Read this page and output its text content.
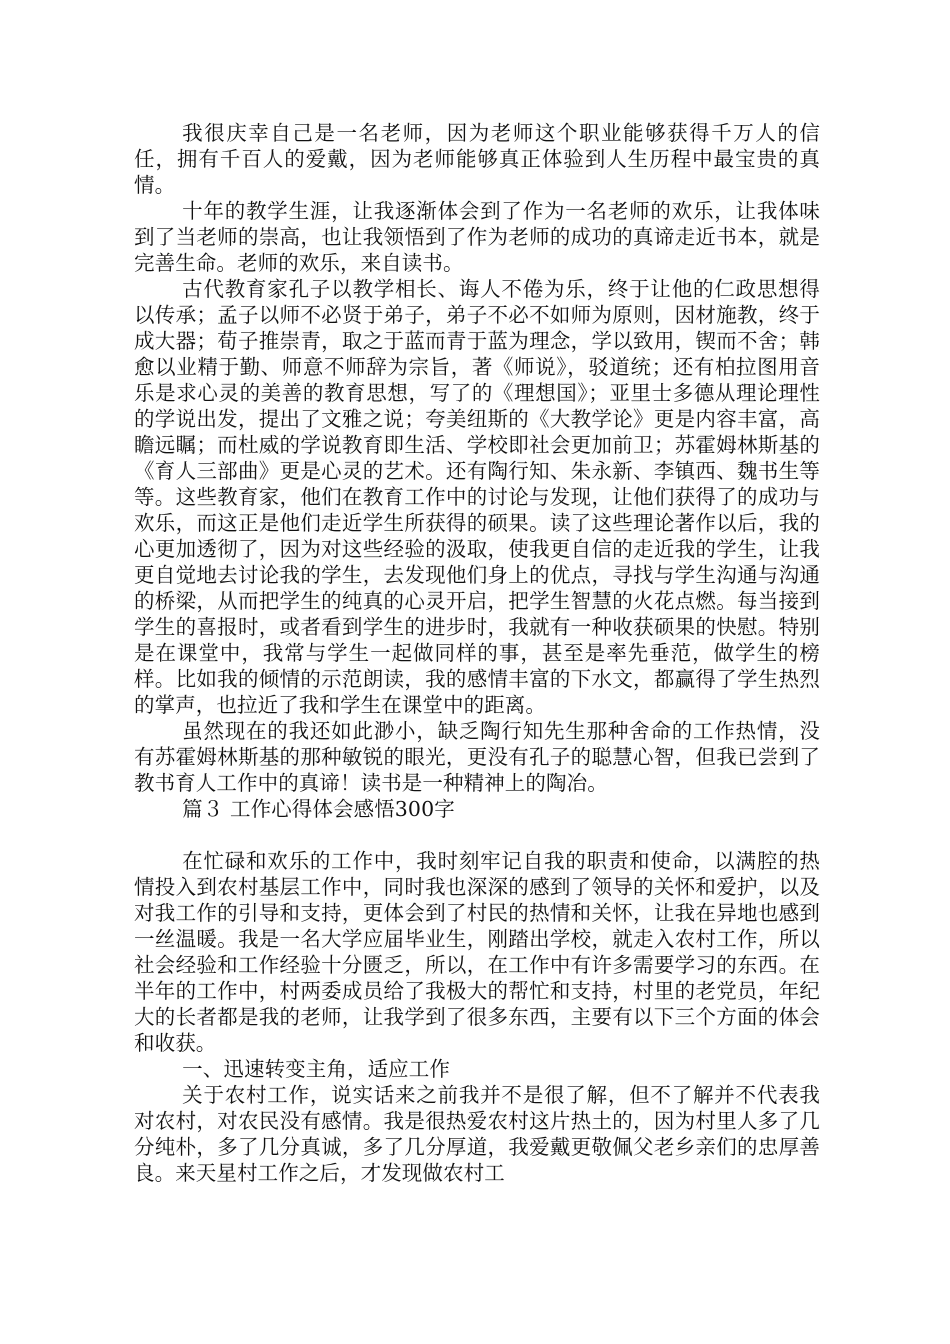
我很庆幸自己是一名老师，因为老师这个职业能够获得千万人的信任，拥有千百人的爱戴，因为老师能够真正体验到人生历程中最宝贵的真情。

十年的教学生涯，让我逐渐体会到了作为一名老师的欢乐，让我体味到了当老师的崇高，也让我领悟到了作为老师的成功的真谛走近书本，就是完善生命。老师的欢乐，来自读书。

古代教育家孔子以教学相长、诲人不倦为乐，终于让他的仁政思想得以传承；孟子以师不必贤于弟子，弟子不必不如师为原则，因材施教，终于成大器；荀子推崇青，取之于蓝而青于蓝为理念，学以致用，锲而不舍；韩愈以业精于勤、师意不师辞为宗旨，著《师说》，驳道统；还有柏拉图用音乐是求心灵的美善的教育思想，写了的《理想国》；亚里士多德从理论理性的学说出发，提出了文雅之说；夸美纽斯的《大教学论》更是内容丰富，高瞻远瞩；而杜威的学说教育即生活、学校即社会更加前卫；苏霍姆林斯基的《育人三部曲》更是心灵的艺术。还有陶行知、朱永新、李镇西、魏书生等等。这些教育家，他们在教育工作中的讨论与发现，让他们获得了的成功与欢乐，而这正是他们走近学生所获得的硕果。读了这些理论著作以后，我的心更加透彻了，因为对这些经验的汲取，使我更自信的走近我的学生，让我更自觉地去讨论我的学生，去发现他们身上的优点，寻找与学生沟通与沟通的桥梁，从而把学生的纯真的心灵开启，把学生智慧的火花点燃。每当接到学生的喜报时，或者看到学生的进步时，我就有一种收获硕果的快慰。特别是在课堂中，我常与学生一起做同样的事，甚至是率先垂范，做学生的榜样。比如我的倾情的示范朗读，我的感情丰富的下水文，都赢得了学生热烈的掌声，也拉近了我和学生在课堂中的距离。

虽然现在的我还如此渺小，缺乏陶行知先生那种舍命的工作热情，没有苏霍姆林斯基的那种敏锐的眼光，更没有孔子的聪慧心智，但我已尝到了教书育人工作中的真谛！读书是一种精神上的陶冶。

篇３ 工作心得体会感悟300字

在忙碌和欢乐的工作中，我时刻牢记自我的职责和使命，以满腔的热情投入到农村基层工作中，同时我也深深的感到了领导的关怀和爱护，以及对我工作的引导和支持，更体会到了村民的热情和关怀，让我在异地也感到一丝温暖。我是一名大学应届毕业生，刚踏出学校，就走入农村工作，所以社会经验和工作经验十分匮乏，所以，在工作中有许多需要学习的东西。在半年的工作中，村两委成员给了我极大的帮忙和支持，村里的老党员，年纪大的长者都是我的老师，让我学到了很多东西，主要有以下三个方面的体会和收获。

一、迅速转变主角，适应工作

关于农村工作，说实话来之前我并不是很了解，但不了解并不代表我对农村，对农民没有感情。我是很热爱农村这片热土的，因为村里人多了几分纯朴，多了几分真诚，多了几分厚道，我爱戴更敬佩父老乡亲们的忠厚善良。来天星村工作之后，才发现做农村工
